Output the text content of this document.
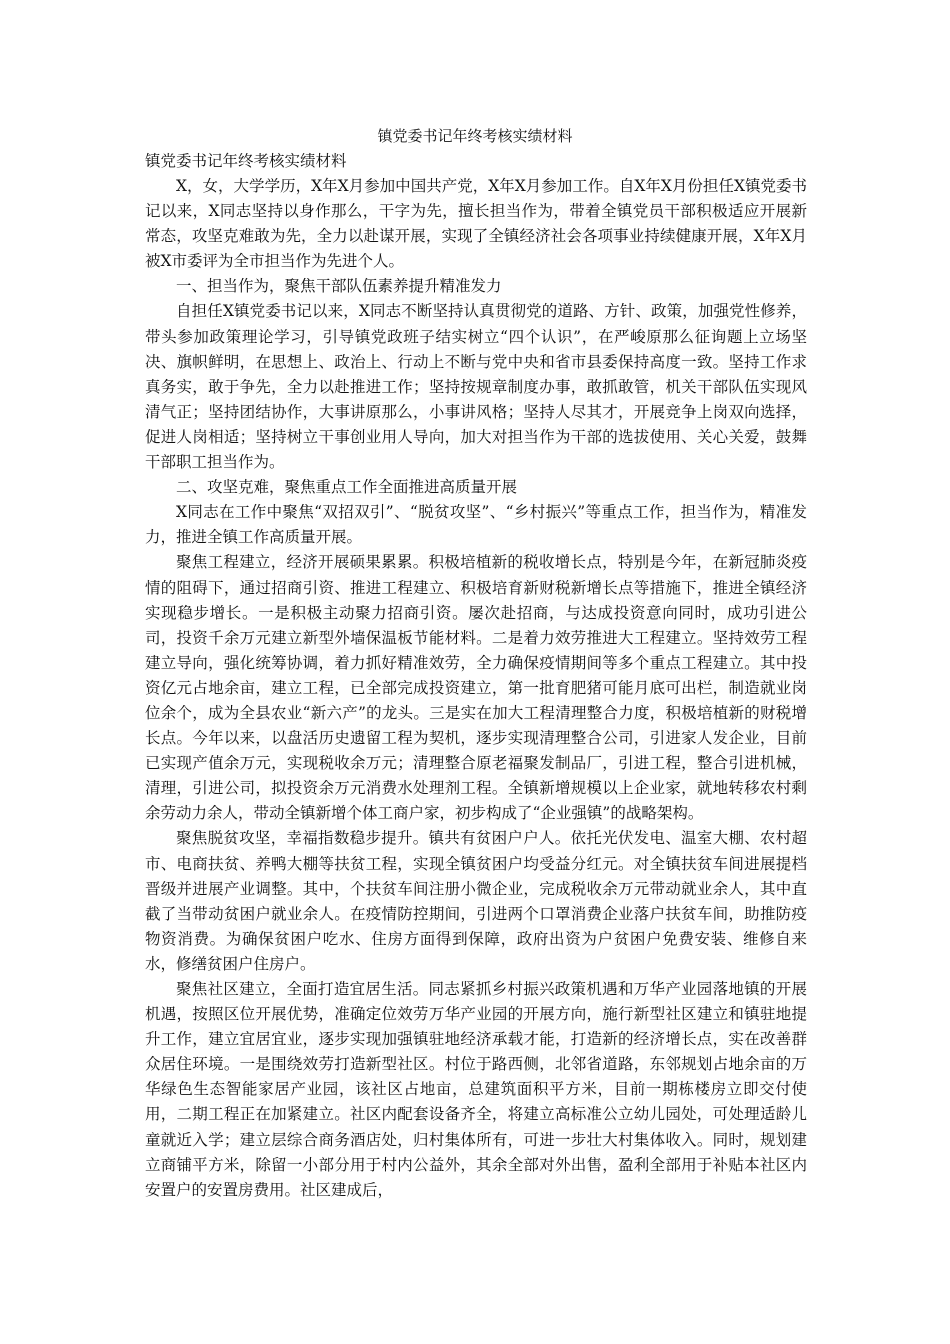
镇党委书记年终考核实绩材料
镇党委书记年终考核实绩材料

X，女，大学学历，X年X月参加中国共产党，X年X月参加工作。自X年X月份担任X镇党委书记以来，X同志坚持以身作那么，干字为先，擅长担当作为，带着全镇党员干部积极适应开展新常态，攻坚克难敢为先，全力以赴谋开展，实现了全镇经济社会各项事业持续健康开展，X年X月被X市委评为全市担当作为先进个人。

一、担当作为，聚焦干部队伍素养提升精准发力

自担任X镇党委书记以来，X同志不断坚持认真贯彻党的道路、方针、政策，加强党性修养，带头参加政策理论学习，引导镇党政班子结实树立“四个认识”，在严峻原那么征询题上立场坚决、旗帜鲜明，在思想上、政治上、行动上不断与党中央和省市县委保持高度一致。坚持工作求真务实，敢于争先，全力以赴推进工作；坚持按规章制度办事，敢抓敢管，机关干部队伍实现风清气正；坚持团结协作，大事讲原那么，小事讲风格；坚持人尽其才，开展竞争上岗双向选择，促进人岗相适；坚持树立干事创业用人导向，加大对担当作为干部的选拔使用、关心关爱，鼓舞干部职工担当作为。

二、攻坚克难，聚焦重点工作全面推进高质量开展

X同志在工作中聚焦“双招双引”、“脱贫攻坚”、“乡村振兴”等重点工作，担当作为，精准发力，推进全镇工作高质量开展。

聚焦工程建立，经济开展硕果累累。积极培植新的税收增长点，特别是今年，在新冠肺炎疫情的阻碍下，通过招商引资、推进工程建立、积极培育新财税新增长点等措施下，推进全镇经济实现稳步增长。一是积极主动聚力招商引资。屡次赴招商，与达成投资意向同时，成功引进公司，投资千余万元建立新型外墙保温板节能材料。二是着力效劳推进大工程建立。坚持效劳工程建立导向，强化统筹协调，着力抓好精准效劳，全力确保疫情期间等多个重点工程建立。其中投资亿元占地余亩，建立工程，已全部完成投资建立，第一批育肥猪可能月底可出栏，制造就业岗位余个，成为全县农业“新六产”的龙头。三是实在加大工程清理整合力度，积极培植新的财税增长点。今年以来，以盘活历史遗留工程为契机，逐步实现清理整合公司，引进家人发企业，目前已实现产值余万元，实现税收余万元；清理整合原老福聚发制品厂，引进工程，整合引进机械，清理，引进公司，拟投资余万元消费水处理剂工程。全镇新增规模以上企业家，就地转移农村剩余劳动力余人，带动全镇新增个体工商户家，初步构成了“企业强镇”的战略架构。

聚焦脱贫攻坚，幸福指数稳步提升。镇共有贫困户户人。依托光伏发电、温室大棚、农村超市、电商扶贫、养鸭大棚等扶贫工程，实现全镇贫困户均受益分红元。对全镇扶贫车间进展提档晋级并进展产业调整。其中，个扶贫车间注册小微企业，完成税收余万元带动就业余人，其中直截了当带动贫困户就业余人。在疫情防控期间，引进两个口罩消费企业落户扶贫车间，助推防疫物资消费。为确保贫困户吃水、住房方面得到保障，政府出资为户贫困户免费安装、维修自来水，修缮贫困户住房户。

聚焦社区建立，全面打造宜居生活。同志紧抓乡村振兴政策机遇和万华产业园落地镇的开展机遇，按照区位开展优势，准确定位效劳万华产业园的开展方向，施行新型社区建立和镇驻地提升工作，建立宜居宜业，逐步实现加强镇驻地经济承载才能，打造新的经济增长点，实在改善群众居住环境。一是围绕效劳打造新型社区。村位于路西侧，北邻省道路，东邻规划占地余亩的万华绿色生态智能家居产业园，该社区占地亩，总建筑面积平方米，目前一期栋楼房立即交付使用，二期工程正在加紧建立。社区内配套设备齐全，将建立高标准公立幼儿园处，可处理适龄儿童就近入学；建立层综合商务酒店处，归村集体所有，可进一步壮大村集体收入。同时，规划建立商铺平方米，除留一小部分用于村内公益外，其余全部对外出售，盈利全部用于补贴本社区内安置户的安置房费用。社区建成后，
